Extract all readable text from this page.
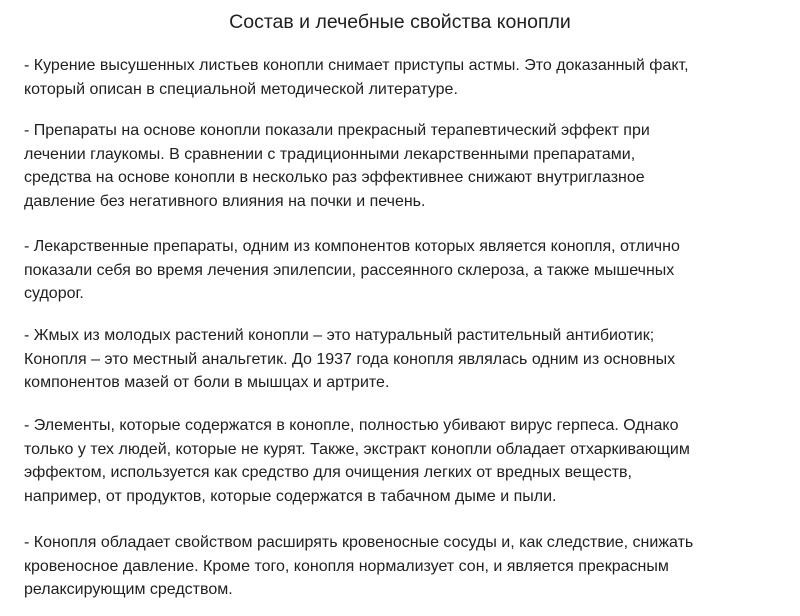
Состав и лечебные свойства конопли
- Курение высушенных листьев конопли снимает приступы астмы. Это доказанный факт,
который описан в специальной методической литературе.
- Препараты на основе конопли показали прекрасный терапевтический эффект при
лечении глаукомы. В сравнении с традиционными лекарственными препаратами,
средства на основе конопли в несколько раз эффективнее снижают внутриглазное
давление без негативного влияния на почки и печень.
- Лекарственные препараты, одним из компонентов которых является конопля, отлично
показали себя во время лечения эпилепсии, рассеянного склероза, а также мышечных
судорог.
- Жмых из молодых растений конопли – это натуральный растительный антибиотик;
Конопля – это местный анальгетик. До 1937 года конопля являлась одним из основных
компонентов мазей от боли в мышцах и артрите.
- Элементы, которые содержатся в конопле, полностью убивают вирус герпеса. Однако
только у тех людей, которые не курят. Также, экстракт конопли обладает отхаркивающим
эффектом, используется как средство для очищения легких от вредных веществ,
например, от продуктов, которые содержатся в табачном дыме и пыли.
- Конопля обладает свойством расширять кровеносные сосуды и, как следствие, снижать
кровеносное давление. Кроме того, конопля нормализует сон, и является прекрасным
релаксирующим средством.
